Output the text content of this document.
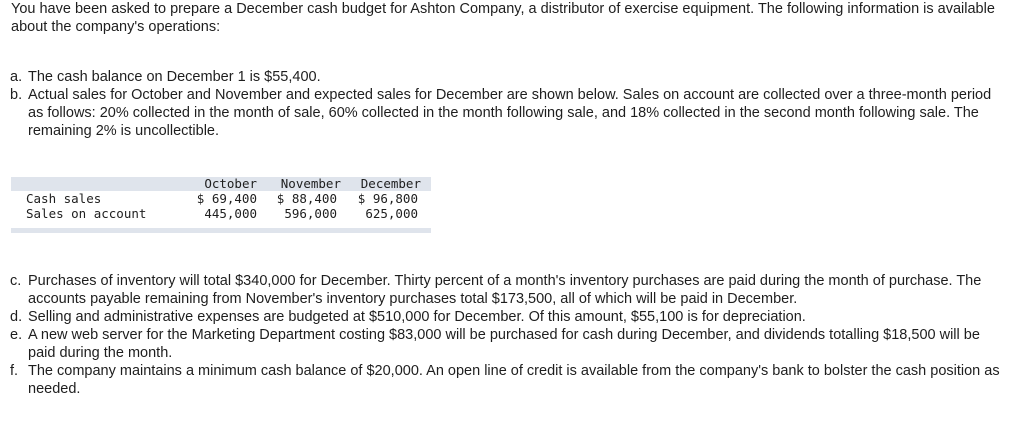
You have been asked to prepare a December cash budget for Ashton Company, a distributor of exercise equipment. The following information is available about the company's operations:
a. The cash balance on December 1 is $55,400.
b. Actual sales for October and November and expected sales for December are shown below. Sales on account are collected over a three-month period as follows: 20% collected in the month of sale, 60% collected in the month following sale, and 18% collected in the second month following sale. The remaining 2% is uncollectible.
October November December
Cash sales	$ 69,400 $ 88,400 $ 96,800
Sales on account	445,000 596,000 625,000
c. Purchases of inventory will total $340,000 for December. Thirty percent of a month's inventory purchases are paid during the month of purchase. The accounts payable remaining from November's inventory purchases total $173,500, all of which will be paid in December.
d. Selling and administrative expenses are budgeted at $510,000 for December. Of this amount, $55,100 is for depreciation.
e. A new web server for the Marketing Department costing $83,000 will be purchased for cash during December, and dividends totalling $18,500 will be paid during the month.
f. The company maintains a minimum cash balance of $20,000. An open line of credit is available from the company's bank to bolster the cash position as needed.
